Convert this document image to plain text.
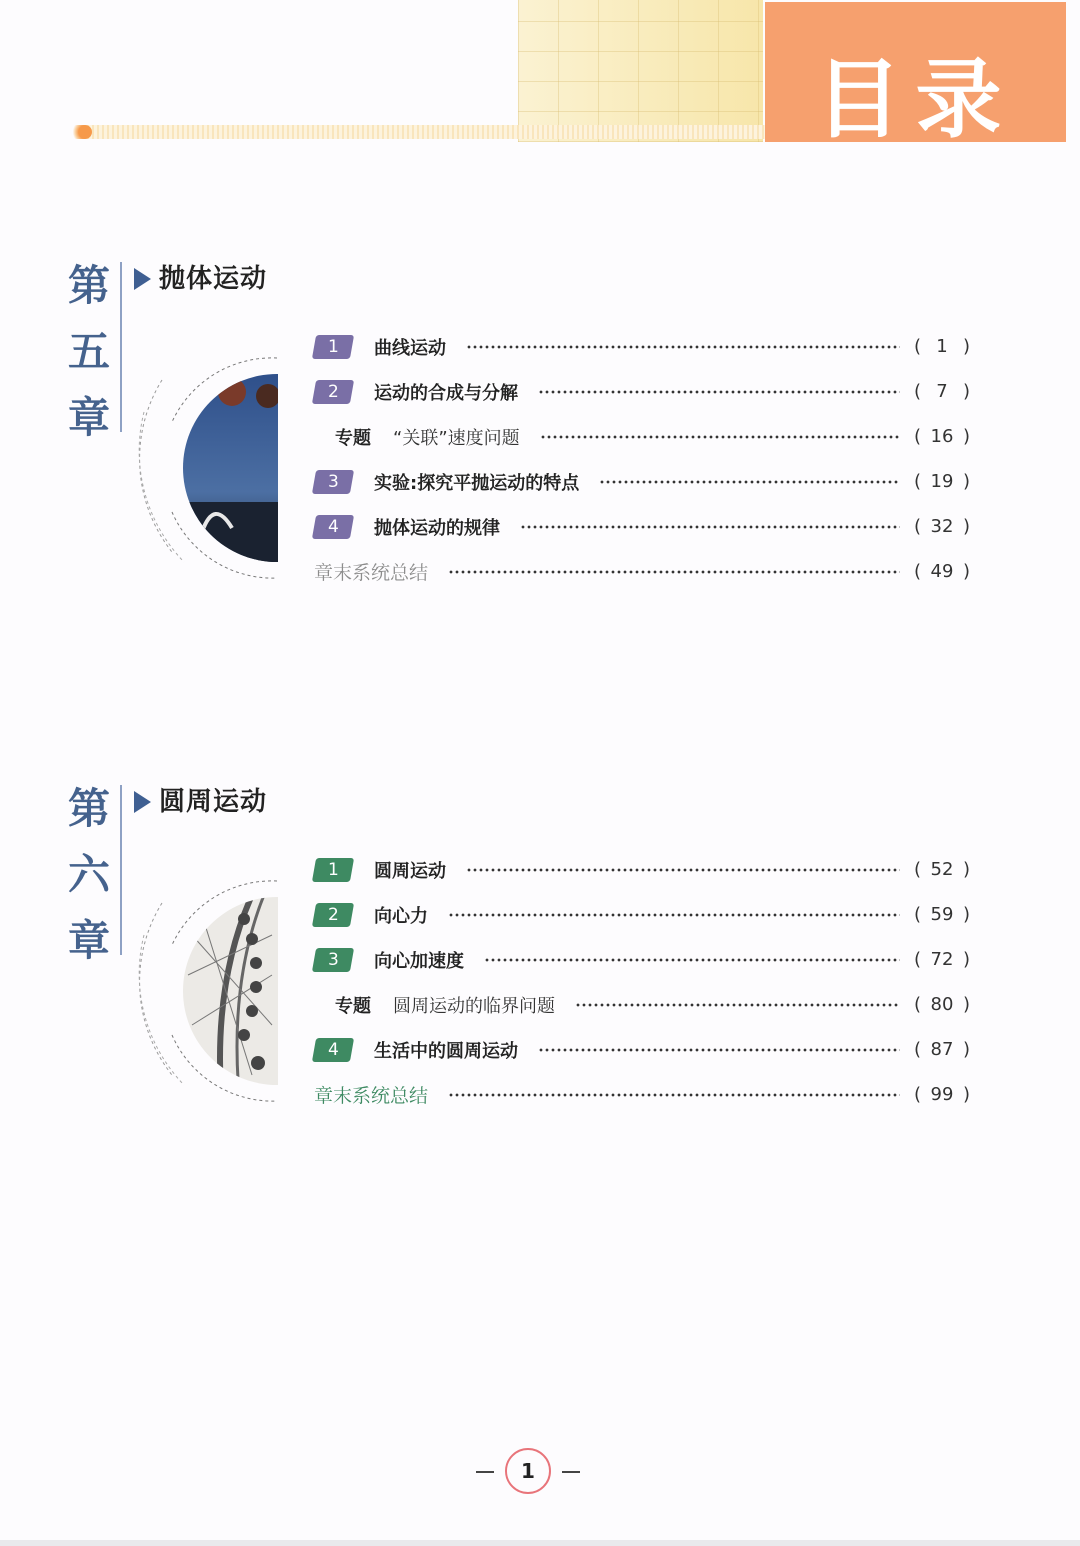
目录
第
五
章
抛体运动
1	曲线运动	( 1 )
2	运动的合成与分解	( 7 )
专题 “关联”速度问题	( 16 )
3	实验:探究平抛运动的特点	( 19 )
4	抛体运动的规律	( 32 )
章末系统总结	( 49 )
第
六
章
圆周运动
1	圆周运动	( 52 )
2	向心力	( 59 )
3	向心加速度	( 72 )
专题 圆周运动的临界问题	( 80 )
4	生活中的圆周运动	( 87 )
章末系统总结	( 99 )
1
